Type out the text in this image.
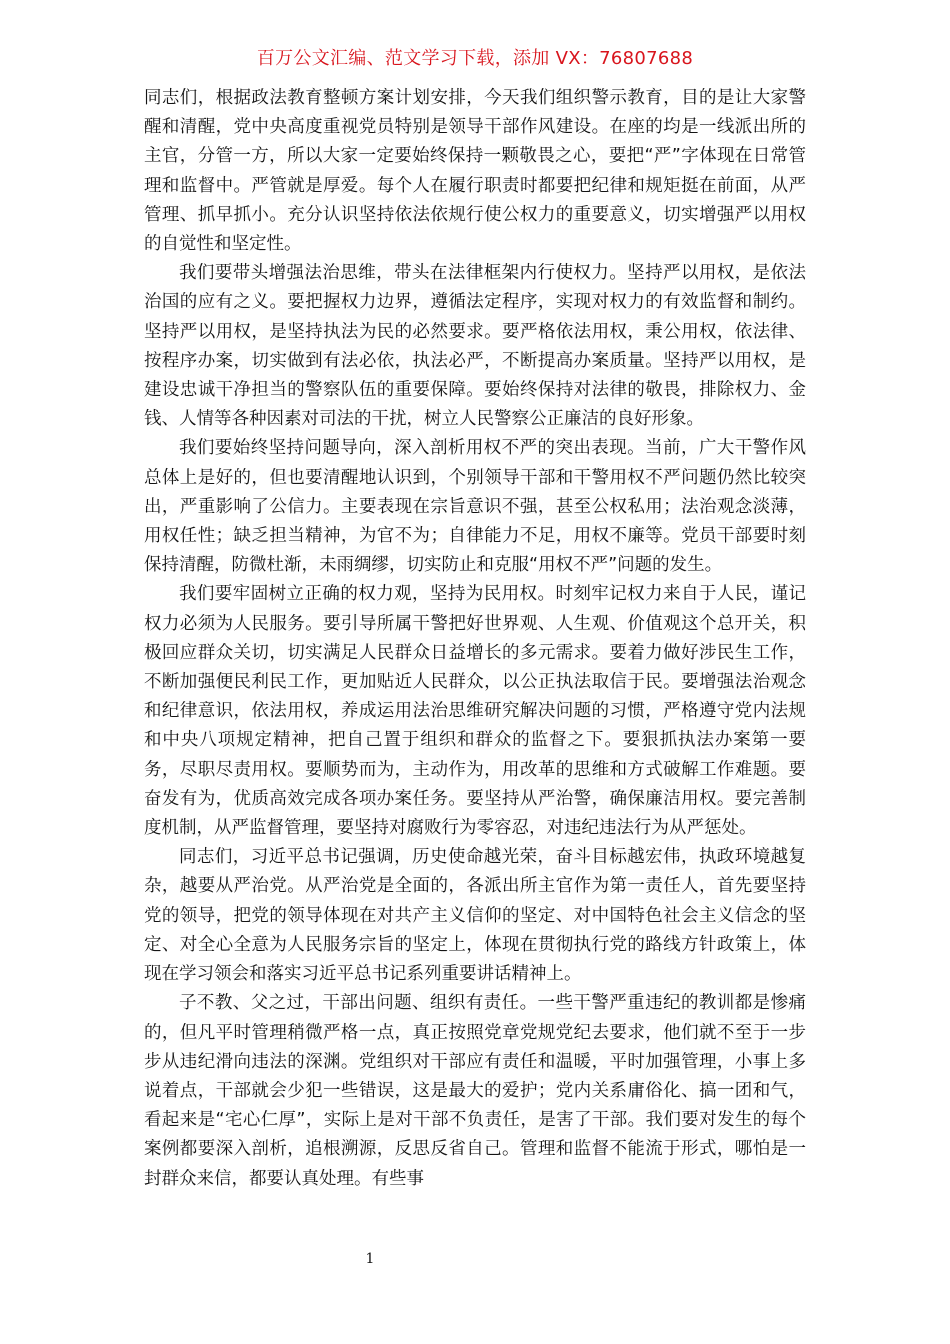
百万公文汇编、范文学习下载，添加 VX：76807688

同志们，根据政法教育整顿方案计划安排，今天我们组织警示教育，目的是让大家警醒和清醒，党中央高度重视党员特别是领导干部作风建设。在座的均是一线派出所的主官，分管一方，所以大家一定要始终保持一颗敬畏之心，要把“严”字体现在日常管理和监督中。严管就是厚爱。每个人在履行职责时都要把纪律和规矩挺在前面，从严管理、抓早抓小。充分认识坚持依法依规行使公权力的重要意义，切实增强严以用权的自觉性和坚定性。

我们要带头增强法治思维，带头在法律框架内行使权力。坚持严以用权，是依法治国的应有之义。要把握权力边界，遵循法定程序，实现对权力的有效监督和制约。坚持严以用权，是坚持执法为民的必然要求。要严格依法用权，秉公用权，依法律、按程序办案，切实做到有法必依，执法必严，不断提高办案质量。坚持严以用权，是建设忠诚干净担当的警察队伍的重要保障。要始终保持对法律的敬畏，排除权力、金钱、人情等各种因素对司法的干扰，树立人民警察公正廉洁的良好形象。

我们要始终坚持问题导向，深入剖析用权不严的突出表现。当前，广大干警作风总体上是好的，但也要清醒地认识到，个别领导干部和干警用权不严问题仍然比较突出，严重影响了公信力。主要表现在宗旨意识不强，甚至公权私用；法治观念淡薄，用权任性；缺乏担当精神，为官不为；自律能力不足，用权不廉等。党员干部要时刻保持清醒，防微杜渐，未雨绸缪，切实防止和克服“用权不严”问题的发生。

我们要牢固树立正确的权力观，坚持为民用权。时刻牢记权力来自于人民，谨记权力必须为人民服务。要引导所属干警把好世界观、人生观、价值观这个总开关，积极回应群众关切，切实满足人民群众日益增长的多元需求。要着力做好涉民生工作，不断加强便民利民工作，更加贴近人民群众，以公正执法取信于民。要增强法治观念和纪律意识，依法用权，养成运用法治思维研究解决问题的习惯，严格遵守党内法规和中央八项规定精神，把自己置于组织和群众的监督之下。要狠抓执法办案第一要务，尽职尽责用权。要顺势而为，主动作为，用改革的思维和方式破解工作难题。要奋发有为，优质高效完成各项办案任务。要坚持从严治警，确保廉洁用权。要完善制度机制，从严监督管理，要坚持对腐败行为零容忍，对违纪违法行为从严惩处。

同志们，习近平总书记强调，历史使命越光荣，奋斗目标越宏伟，执政环境越复杂，越要从严治党。从严治党是全面的，各派出所主官作为第一责任人，首先要坚持党的领导，把党的领导体现在对共产主义信仰的坚定、对中国特色社会主义信念的坚定、对全心全意为人民服务宗旨的坚定上，体现在贯彻执行党的路线方针政策上，体现在学习领会和落实习近平总书记系列重要讲话精神上。

子不教、父之过，干部出问题、组织有责任。一些干警严重违纪的教训都是惨痛的，但凡平时管理稍微严格一点，真正按照党章党规党纪去要求，他们就不至于一步步从违纪滑向违法的深渊。党组织对干部应有责任和温暖，平时加强管理，小事上多说着点，干部就会少犯一些错误，这是最大的爱护；党内关系庸俗化、搞一团和气，看起来是“宅心仁厚”，实际上是对干部不负责任，是害了干部。我们要对发生的每个案例都要深入剖析，追根溯源，反思反省自己。管理和监督不能流于形式，哪怕是一封群众来信，都要认真处理。有些事

1
